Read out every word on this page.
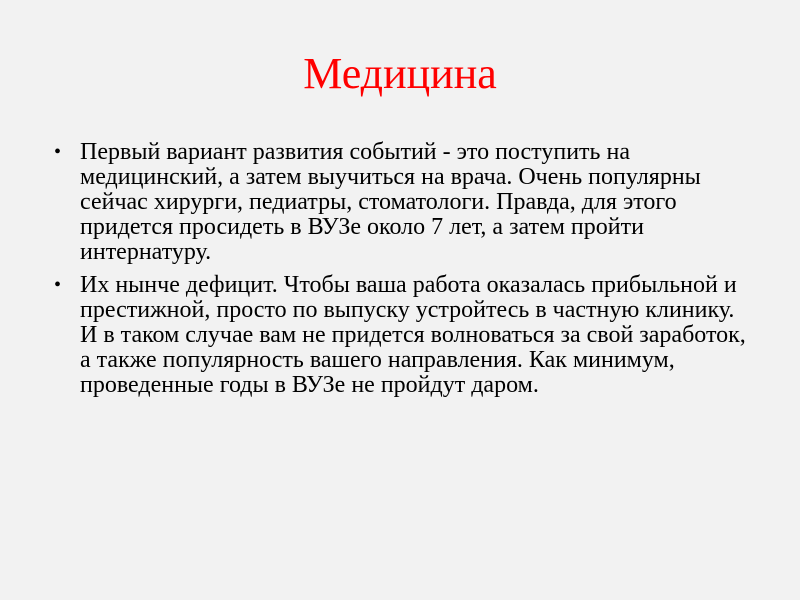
Медицина
• Первый вариант развития событий - это поступить на медицинский, а затем выучиться на врача. Очень популярны сейчас хирурги, педиатры, стоматологи. Правда, для этого придется просидеть в ВУЗе около 7 лет, а затем пройти интернатуру.
• Их нынче дефицит. Чтобы ваша работа оказалась прибыльной и престижной, просто по выпуску устройтесь в частную клинику. И в таком случае вам не придется волноваться за свой заработок, а также популярность вашего направления. Как минимум, проведенные годы в ВУЗе не пройдут даром.
